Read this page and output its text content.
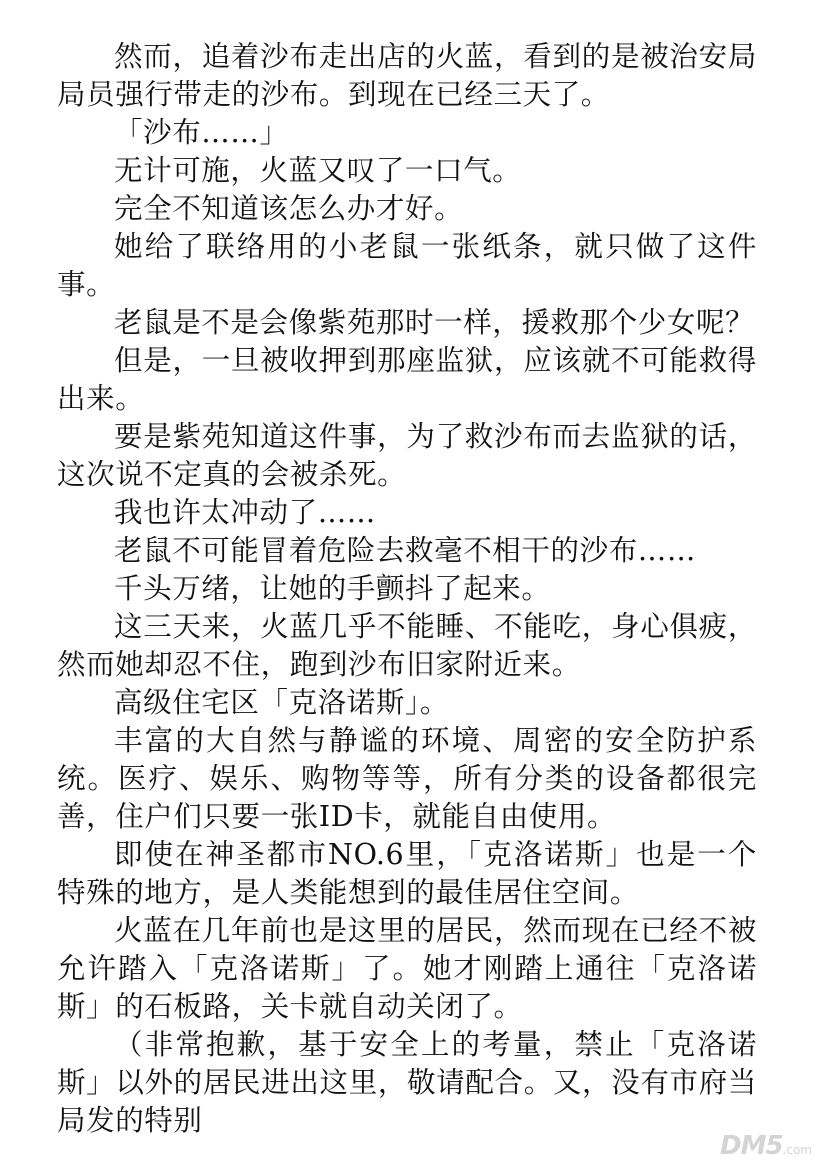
然而，追着沙布走出店的火蓝，看到的是被治安局局员强行带走的沙布。到现在已经三天了。

「沙布……」

无计可施，火蓝又叹了一口气。

完全不知道该怎么办才好。

她给了联络用的小老鼠一张纸条，就只做了这件事。

老鼠是不是会像紫苑那时一样，援救那个少女呢？

但是，一旦被收押到那座监狱，应该就不可能救得出来。

要是紫苑知道这件事，为了救沙布而去监狱的话，这次说不定真的会被杀死。

我也许太冲动了……

老鼠不可能冒着危险去救毫不相干的沙布……

千头万绪，让她的手颤抖了起来。

这三天来，火蓝几乎不能睡、不能吃，身心俱疲，然而她却忍不住，跑到沙布旧家附近来。

高级住宅区「克洛诺斯」。

丰富的大自然与静谧的环境、周密的安全防护系统。医疗、娱乐、购物等等，所有分类的设备都很完善，住户们只要一张ID卡，就能自由使用。

即使在神圣都市NO.6里，「克洛诺斯」也是一个特殊的地方，是人类能想到的最佳居住空间。

火蓝在几年前也是这里的居民，然而现在已经不被允许踏入「克洛诺斯」了。她才刚踏上通往「克洛诺斯」的石板路，关卡就自动关闭了。

（非常抱歉，基于安全上的考量，禁止「克洛诺斯」以外的居民进出这里，敬请配合。又，没有市府当局发的特别

DM5.com
